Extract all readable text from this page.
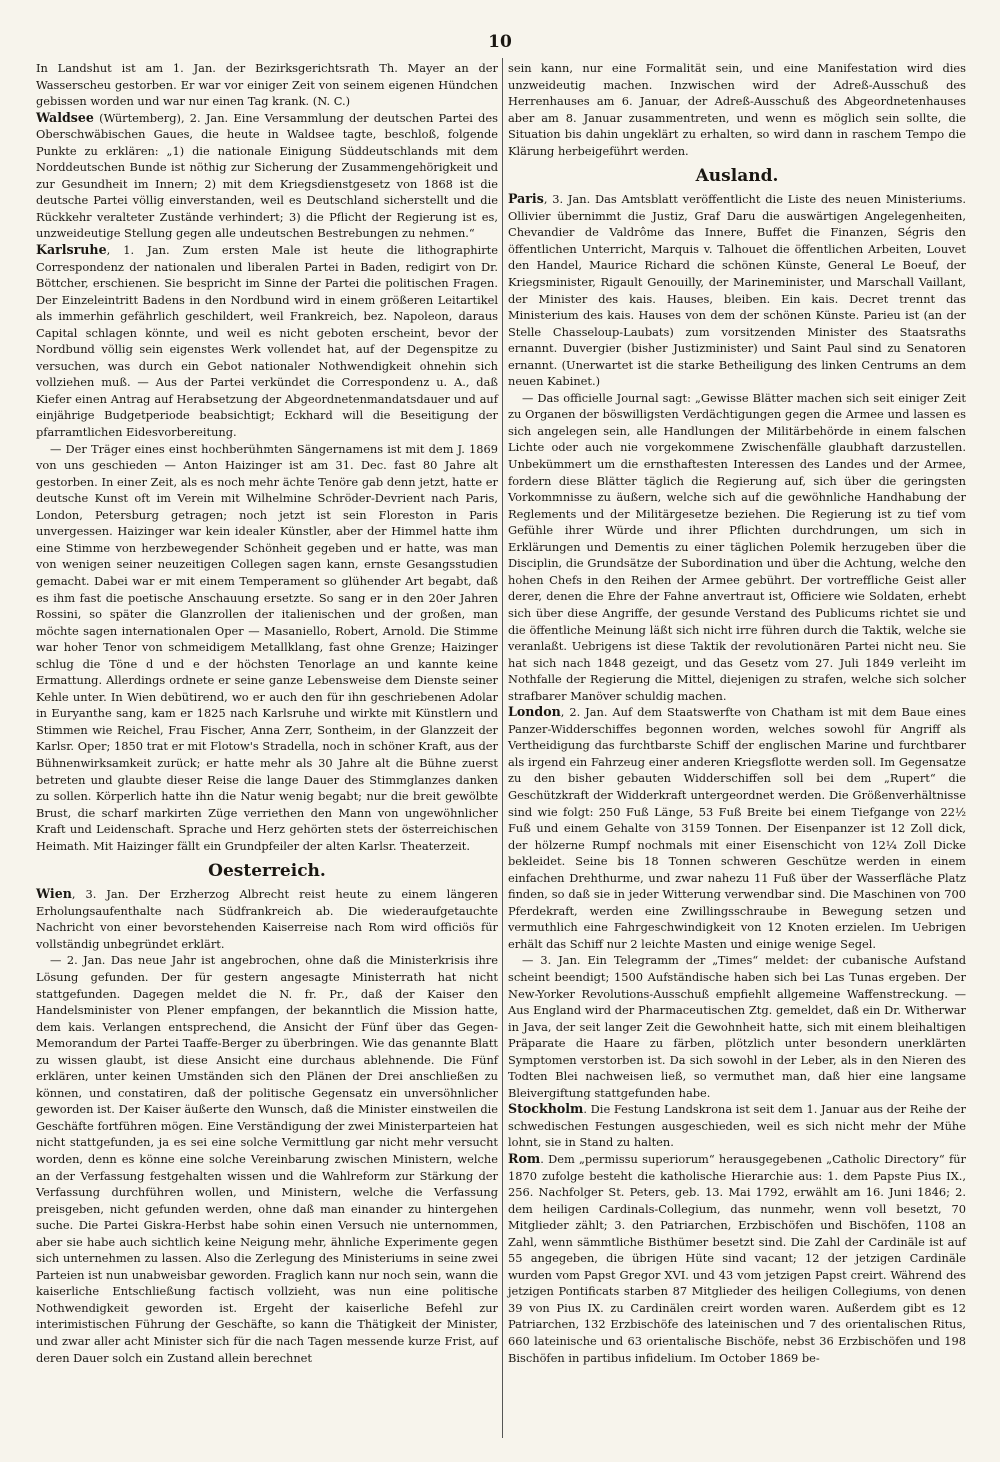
10

In Landshut ist am 1. Jan. der Bezirksgerichtsrath Th. Mayer an der Wasserscheu gestorben. Er war vor einiger Zeit von seinem eigenen Hündchen gebissen worden und war nur einen Tag krank. (N. C.)

Waldsee (Würtemberg), 2. Jan. Eine Versammlung der deutschen Partei des Oberschwäbischen Gaues, die heute in Waldsee tagte, beschloß, folgende Punkte zu erklären: „1) die nationale Einigung Süddeutschlands mit dem Norddeutschen Bunde ist nöthig zur Sicherung der Zusammengehörigkeit und zur Gesundheit im Innern; 2) mit dem Kriegsdienstgesetz von 1868 ist die deutsche Partei völlig einverstanden, weil es Deutschland sicherstellt und die Rückkehr veralteter Zustände verhindert; 3) die Pflicht der Regierung ist es, unzweideutige Stellung gegen alle undeutschen Bestrebungen zu nehmen.“

Karlsruhe, 1. Jan. Zum ersten Male ist heute die lithographirte Correspondenz der nationalen und liberalen Partei in Baden, redigirt von Dr. Böttcher, erschienen. Sie bespricht im Sinne der Partei die politischen Fragen. Der Einzeleintritt Badens in den Nordbund wird in einem größeren Leitartikel als immerhin gefährlich geschildert, weil Frankreich, bez. Napoleon, daraus Capital schlagen könnte, und weil es nicht geboten erscheint, bevor der Nordbund völlig sein eigenstes Werk vollendet hat, auf der Degenspitze zu versuchen, was durch ein Gebot nationaler Nothwendigkeit ohnehin sich vollziehen muß. — Aus der Partei verkündet die Correspondenz u. A., daß Kiefer einen Antrag auf Herabsetzung der Abgeordnetenmandatsdauer und auf einjährige Budgetperiode beabsichtigt; Eckhard will die Beseitigung der pfarramtlichen Eidesvorbereitung.

— Der Träger eines einst hochberühmten Sängernamens ist mit dem J. 1869 von uns geschieden — Anton Haizinger ist am 31. Dec. fast 80 Jahre alt gestorben. In einer Zeit, als es noch mehr ächte Tenöre gab denn jetzt, hatte er deutsche Kunst oft im Verein mit Wilhelmine Schröder-Devrient nach Paris, London, Petersburg getragen; noch jetzt ist sein Floreston in Paris unvergessen. Haizinger war kein idealer Künstler, aber der Himmel hatte ihm eine Stimme von herzbewegender Schönheit gegeben und er hatte, was man von wenigen seiner neuzeitigen Collegen sagen kann, ernste Gesangsstudien gemacht. Dabei war er mit einem Temperament so glühender Art begabt, daß es ihm fast die poetische Anschauung ersetzte. So sang er in den 20er Jahren Rossini, so später die Glanzrollen der italienischen und der großen, man möchte sagen internationalen Oper — Masaniello, Robert, Arnold. Die Stimme war hoher Tenor von schmeidigem Metallklang, fast ohne Grenze; Haizinger schlug die Töne d und e der höchsten Tenorlage an und kannte keine Ermattung. Allerdings ordnete er seine ganze Lebensweise dem Dienste seiner Kehle unter. In Wien debütirend, wo er auch den für ihn geschriebenen Adolar in Euryanthe sang, kam er 1825 nach Karlsruhe und wirkte mit Künstlern und Stimmen wie Reichel, Frau Fischer, Anna Zerr, Sontheim, in der Glanzzeit der Karlsr. Oper; 1850 trat er mit Flotow's Stradella, noch in schöner Kraft, aus der Bühnenwirksamkeit zurück; er hatte mehr als 30 Jahre alt die Bühne zuerst betreten und glaubte dieser Reise die lange Dauer des Stimmglanzes danken zu sollen. Körperlich hatte ihn die Natur wenig begabt; nur die breit gewölbte Brust, die scharf markirten Züge verriethen den Mann von ungewöhnlicher Kraft und Leidenschaft. Sprache und Herz gehörten stets der österreichischen Heimath. Mit Haizinger fällt ein Grundpfeiler der alten Karlsr. Theaterzeit.

Oesterreich.

Wien, 3. Jan. Der Erzherzog Albrecht reist heute zu einem längeren Erholungsaufenthalte nach Südfrankreich ab. Die wiederaufgetauchte Nachricht von einer bevorstehenden Kaiserreise nach Rom wird officiös für vollständig unbegründet erklärt.

— 2. Jan. Das neue Jahr ist angebrochen, ohne daß die Ministerkrisis ihre Lösung gefunden. Der für gestern angesagte Ministerrath hat nicht stattgefunden. Dagegen meldet die N. fr. Pr., daß der Kaiser den Handelsminister von Plener empfangen, der bekanntlich die Mission hatte, dem kais. Verlangen entsprechend, die Ansicht der Fünf über das Gegen-Memorandum der Partei Taaffe-Berger zu überbringen. Wie das genannte Blatt zu wissen glaubt, ist diese Ansicht eine durchaus ablehnende. Die Fünf erklären, unter keinen Umständen sich den Plänen der Drei anschließen zu können, und constatiren, daß der politische Gegensatz ein unversöhnlicher geworden ist. Der Kaiser äußerte den Wunsch, daß die Minister einstweilen die Geschäfte fortführen mögen. Eine Verständigung der zwei Ministerparteien hat nicht stattgefunden, ja es sei eine solche Vermittlung gar nicht mehr versucht worden, denn es könne eine solche Vereinbarung zwischen Ministern, welche an der Verfassung festgehalten wissen und die Wahlreform zur Stärkung der Verfassung durchführen wollen, und Ministern, welche die Verfassung preisgeben, nicht gefunden werden, ohne daß man einander zu hintergehen suche. Die Partei Giskra-Herbst habe sohin einen Versuch nie unternommen, aber sie habe auch sichtlich keine Neigung mehr, ähnliche Experimente gegen sich unternehmen zu lassen. Also die Zerlegung des Ministeriums in seine zwei Parteien ist nun unabweisbar geworden. Fraglich kann nur noch sein, wann die kaiserliche Entschließung factisch vollzieht, was nun eine politische Nothwendigkeit geworden ist. Ergeht der kaiserliche Befehl zur interimistischen Führung der Geschäfte, so kann die Thätigkeit der Minister, und zwar aller acht Minister sich für die nach Tagen messende kurze Frist, auf deren Dauer solch ein Zustand allein berechnet

sein kann, nur eine Formalität sein, und eine Manifestation wird dies unzweideutig machen. Inzwischen wird der Adreß-Ausschuß des Herrenhauses am 6. Januar, der Adreß-Ausschuß des Abgeordnetenhauses aber am 8. Januar zusammentreten, und wenn es möglich sein sollte, die Situation bis dahin ungeklärt zu erhalten, so wird dann in raschem Tempo die Klärung herbeigeführt werden.

Ausland.

Paris, 3. Jan. Das Amtsblatt veröffentlicht die Liste des neuen Ministeriums. Ollivier übernimmt die Justiz, Graf Daru die auswärtigen Angelegenheiten, Chevandier de Valdrôme das Innere, Buffet die Finanzen, Ségris den öffentlichen Unterricht, Marquis v. Talhouet die öffentlichen Arbeiten, Louvet den Handel, Maurice Richard die schönen Künste, General Le Boeuf, der Kriegsminister, Rigault Genouilly, der Marineminister, und Marschall Vaillant, der Minister des kais. Hauses, bleiben. Ein kais. Decret trennt das Ministerium des kais. Hauses von dem der schönen Künste. Parieu ist (an der Stelle Chasseloup-Laubats) zum vorsitzenden Minister des Staatsraths ernannt. Duvergier (bisher Justizminister) und Saint Paul sind zu Senatoren ernannt. (Unerwartet ist die starke Betheiligung des linken Centrums an dem neuen Kabinet.)

— Das officielle Journal sagt: „Gewisse Blätter machen sich seit einiger Zeit zu Organen der böswilligsten Verdächtigungen gegen die Armee und lassen es sich angelegen sein, alle Handlungen der Militärbehörde in einem falschen Lichte oder auch nie vorgekommene Zwischenfälle glaubhaft darzustellen. Unbekümmert um die ernsthaftesten Interessen des Landes und der Armee, fordern diese Blätter täglich die Regierung auf, sich über die geringsten Vorkommnisse zu äußern, welche sich auf die gewöhnliche Handhabung der Reglements und der Militärgesetze beziehen. Die Regierung ist zu tief vom Gefühle ihrer Würde und ihrer Pflichten durchdrungen, um sich in Erklärungen und Dementis zu einer täglichen Polemik herzugeben über die Disciplin, die Grundsätze der Subordination und über die Achtung, welche den hohen Chefs in den Reihen der Armee gebührt. Der vortreffliche Geist aller derer, denen die Ehre der Fahne anvertraut ist, Officiere wie Soldaten, erhebt sich über diese Angriffe, der gesunde Verstand des Publicums richtet sie und die öffentliche Meinung läßt sich nicht irre führen durch die Taktik, welche sie veranlaßt. Uebrigens ist diese Taktik der revolutionären Partei nicht neu. Sie hat sich nach 1848 gezeigt, und das Gesetz vom 27. Juli 1849 verleiht im Nothfalle der Regierung die Mittel, diejenigen zu strafen, welche sich solcher strafbarer Manöver schuldig machen.

London, 2. Jan. Auf dem Staatswerfte von Chatham ist mit dem Baue eines Panzer-Widderschiffes begonnen worden, welches sowohl für Angriff als Vertheidigung das furchtbarste Schiff der englischen Marine und furchtbarer als irgend ein Fahrzeug einer anderen Kriegsflotte werden soll. Im Gegensatze zu den bisher gebauten Widderschiffen soll bei dem „Rupert“ die Geschützkraft der Widderkraft untergeordnet werden. Die Größenverhältnisse sind wie folgt: 250 Fuß Länge, 53 Fuß Breite bei einem Tiefgange von 22½ Fuß und einem Gehalte von 3159 Tonnen. Der Eisenpanzer ist 12 Zoll dick, der hölzerne Rumpf nochmals mit einer Eisenschicht von 12¼ Zoll Dicke bekleidet. Seine bis 18 Tonnen schweren Geschütze werden in einem einfachen Drehthurme, und zwar nahezu 11 Fuß über der Wasserfläche Platz finden, so daß sie in jeder Witterung verwendbar sind. Die Maschinen von 700 Pferdekraft, werden eine Zwillingsschraube in Bewegung setzen und vermuthlich eine Fahrgeschwindigkeit von 12 Knoten erzielen. Im Uebrigen erhält das Schiff nur 2 leichte Masten und einige wenige Segel.

— 3. Jan. Ein Telegramm der „Times“ meldet: der cubanische Aufstand scheint beendigt; 1500 Aufständische haben sich bei Las Tunas ergeben. Der New-Yorker Revolutions-Ausschuß empfiehlt allgemeine Waffenstreckung. — Aus England wird der Pharmaceutischen Ztg. gemeldet, daß ein Dr. Witherwar in Java, der seit langer Zeit die Gewohnheit hatte, sich mit einem bleihaltigen Präparate die Haare zu färben, plötzlich unter besondern unerklärten Symptomen verstorben ist. Da sich sowohl in der Leber, als in den Nieren des Todten Blei nachweisen ließ, so vermuthet man, daß hier eine langsame Bleivergiftung stattgefunden habe.

Stockholm. Die Festung Landskrona ist seit dem 1. Januar aus der Reihe der schwedischen Festungen ausgeschieden, weil es sich nicht mehr der Mühe lohnt, sie in Stand zu halten.

Rom. Dem „permissu superiorum“ herausgegebenen „Catholic Directory“ für 1870 zufolge besteht die katholische Hierarchie aus: 1. dem Papste Pius IX., 256. Nachfolger St. Peters, geb. 13. Mai 1792, erwählt am 16. Juni 1846; 2. dem heiligen Cardinals-Collegium, das nunmehr, wenn voll besetzt, 70 Mitglieder zählt; 3. den Patriarchen, Erzbischöfen und Bischöfen, 1108 an Zahl, wenn sämmtliche Bisthümer besetzt sind. Die Zahl der Cardinäle ist auf 55 angegeben, die übrigen Hüte sind vacant; 12 der jetzigen Cardinäle wurden vom Papst Gregor XVI. und 43 vom jetzigen Papst creirt. Während des jetzigen Pontificats starben 87 Mitglieder des heiligen Collegiums, von denen 39 von Pius IX. zu Cardinälen creirt worden waren. Außerdem gibt es 12 Patriarchen, 132 Erzbischöfe des lateinischen und 7 des orientalischen Ritus, 660 lateinische und 63 orientalische Bischöfe, nebst 36 Erzbischöfen und 198 Bischöfen in partibus infidelium. Im October 1869 be-
